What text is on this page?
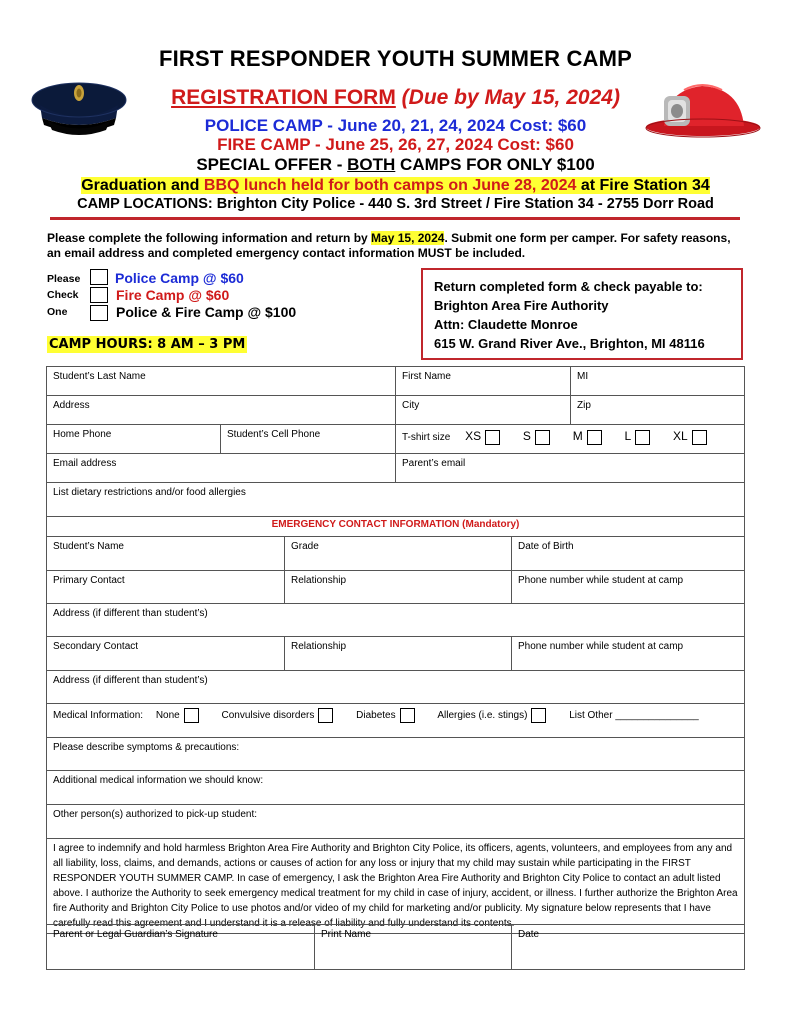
FIRST RESPONDER YOUTH SUMMER CAMP
REGISTRATION FORM (Due by May 15, 2024)
POLICE CAMP - June 20, 21, 24, 2024 Cost: $60
FIRE CAMP - June 25, 26, 27, 2024 Cost: $60
SPECIAL OFFER - BOTH CAMPS FOR ONLY $100
Graduation and BBQ lunch held for both camps on June 28, 2024 at Fire Station 34
CAMP LOCATIONS: Brighton City Police - 440 S. 3rd Street / Fire Station 34 - 2755 Dorr Road
Please complete the following information and return by May 15, 2024. Submit one form per camper. For safety reasons, an email address and completed emergency contact information MUST be included.
Please
Check
One
Police Camp @ $60
Fire Camp @ $60
Police & Fire Camp @ $100
CAMP HOURS: 8 AM – 3 PM
Return completed form & check payable to:
Brighton Area Fire Authority
Attn: Claudette Monroe
615 W. Grand River Ave., Brighton, MI 48116
Student’s Last Name		First Name	MI
Address		City	Zip
Home Phone	Student’s Cell Phone	T-shirt size XS S M L XL	
Email address		Parent’s email	
List dietary restrictions and/or food allergies			
EMERGENCY CONTACT INFORMATION (Mandatory)		
Student’s Name	Grade	Date of Birth
Primary Contact	Relationship	Phone number while student at camp
Address (if different than student’s)		
Secondary Contact	Relationship	Phone number while student at camp
Address (if different than student’s)		
Medical Information: None Convulsive disorders Diabetes Allergies (i.e. stings) List Other _______________		
Please describe symptoms & precautions:		
Additional medical information we should know:		
Other person(s) authorized to pick-up student:		
I agree to indemnify and hold harmless Brighton Area Fire Authority and Brighton City Police, its officers, agents, volunteers, and employees from any and all liability, loss, claims, and demands, actions or causes of action for any loss or injury that my child may sustain while participating in the FIRST RESPONDER YOUTH SUMMER CAMP. In case of emergency, I ask the Brighton Area Fire Authority and Brighton City Police to contact an adult listed above. I authorize the Authority to seek emergency medical treatment for my child in case of injury, accident, or illness. I further authorize the Brighton Area fire Authority and Brighton City Police to use photos and/or video of my child for marketing and/or publicity. My signature below represents that I have carefully read this agreement and I understand it is a release of liability and fully understand its contents.		
Parent or Legal Guardian’s Signature	Print Name	Date
